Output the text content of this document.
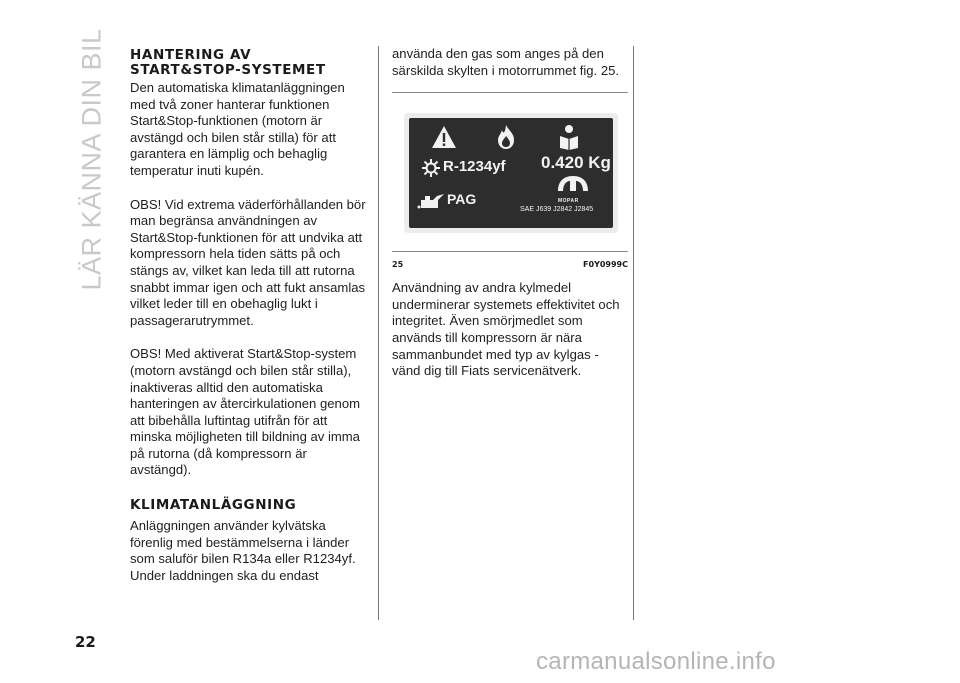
LÄR KÄNNA DIN BIL HANTERING AV START&STOP-SYSTEMET

Den automatiska klimatanläggningen med två zoner hanterar funktionen Start&Stop-funktionen (motorn är avstängd och bilen står stilla) för att garantera en lämplig och behaglig temperatur inuti kupén.

OBS! Vid extrema väderförhållanden bör man begränsa användningen av Start&Stop-funktionen för att undvika att kompressorn hela tiden sätts på och stängs av, vilket kan leda till att rutorna snabbt immar igen och att fukt ansamlas vilket leder till en obehaglig lukt i passagerarutrymmet.

OBS! Med aktiverat Start&Stop-system (motorn avstängd och bilen står stilla), inaktiveras alltid den automatiska hanteringen av återcirkulationen genom att bibehålla luftintag utifrån för att minska möjligheten till bildning av imma på rutorna (då kompressorn är avstängd).

KLIMATANLÄGGNING

Anläggningen använder kylvätska förenlig med bestämmelserna i länder som saluför bilen R134a eller R1234yf. Under laddningen ska du endast

använda den gas som anges på den särskilda skylten i motorrummet fig. 25.

R-1234yf 0.420 Kg
PAG	MOPAR
SAE J639 J2842 J2845
25	F0Y0999C

Användning av andra kylmedel underminerar systemets effektivitet och integritet. Även smörjmedlet som används till kompressorn är nära sammanbundet med typ av kylgas - vänd dig till Fiats servicenätverk.

22
carmanualsonline.info
